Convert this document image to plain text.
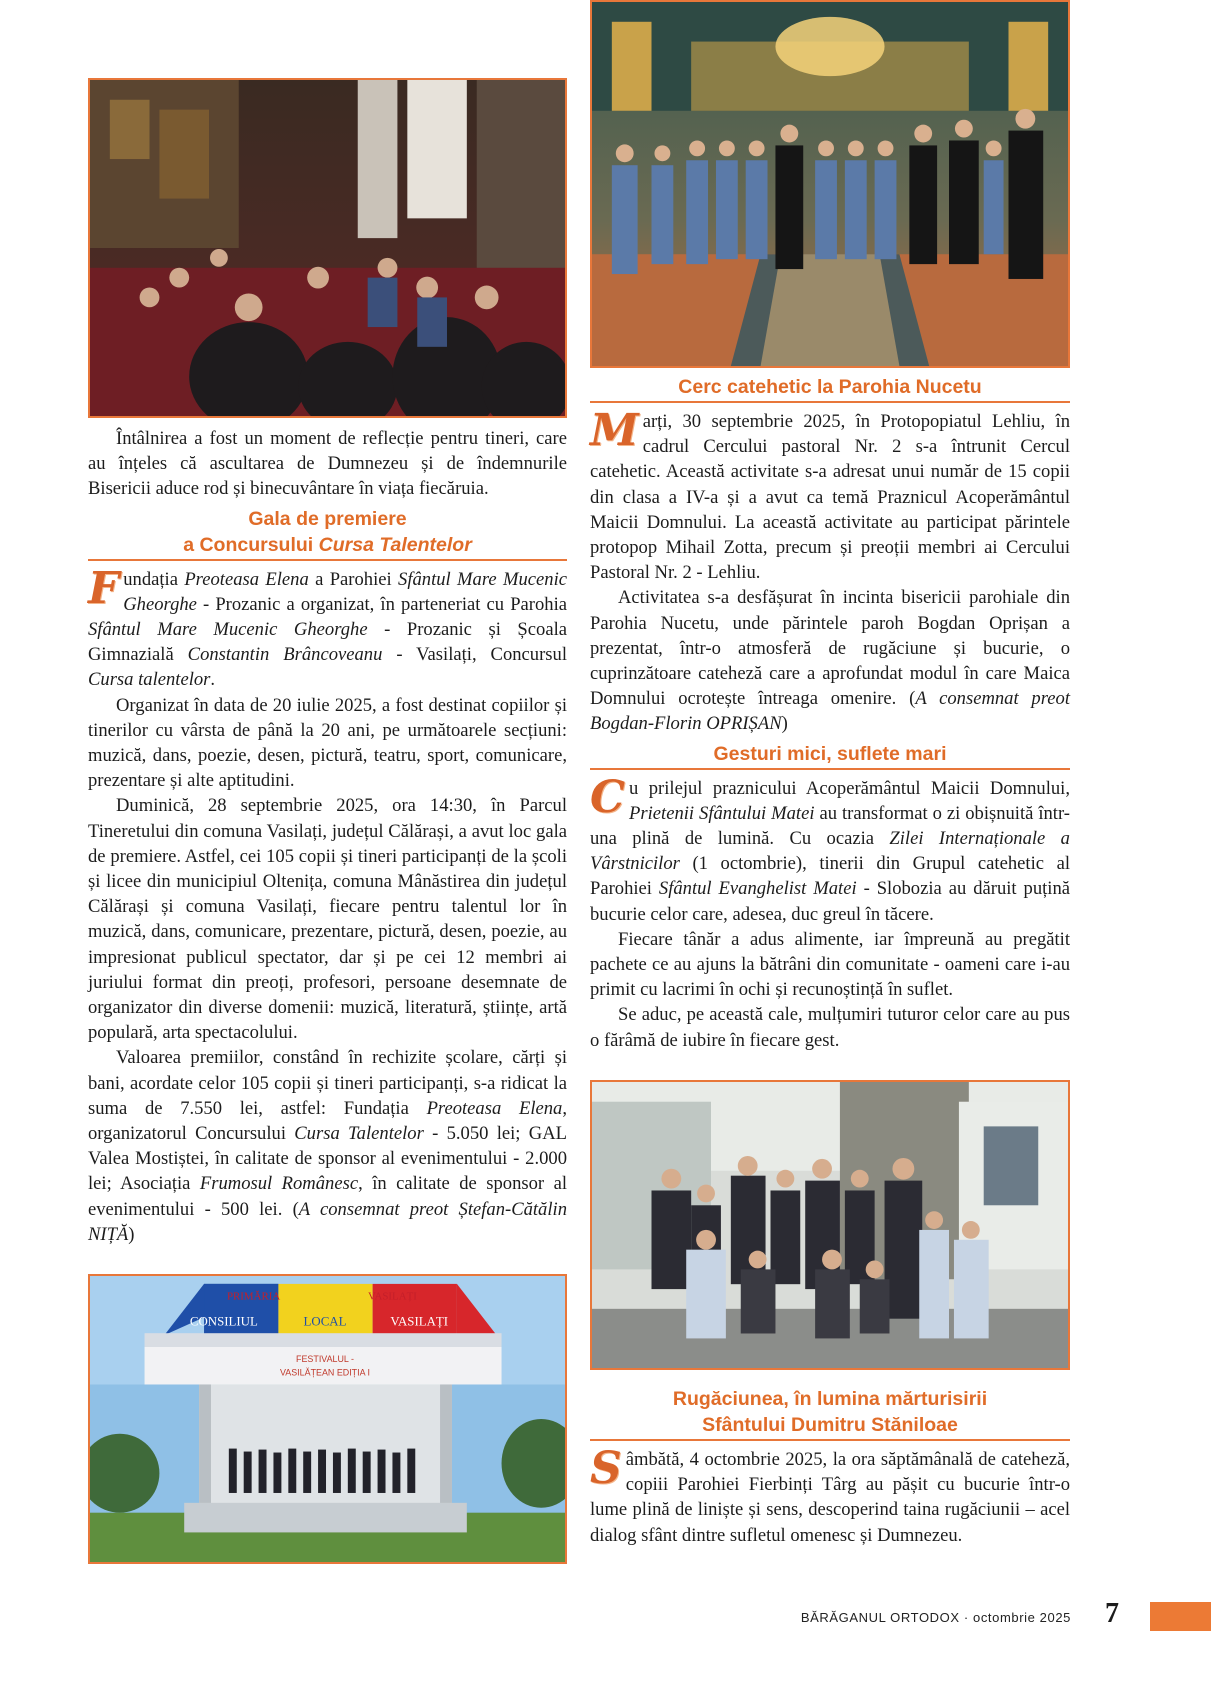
Întâlnirea a fost un moment de reflecție pentru tineri, care au înțeles că ascultarea de Dumnezeu și de îndemnurile Bisericii aduce rod și binecuvântare în viața fiecăruia.

Gala de premiere
a Concursului Cursa Talentelor

Fundația Preoteasa Elena a Parohiei Sfântul Mare Mucenic Gheorghe - Prozanic a organizat, în parteneriat cu Parohia Sfântul Mare Mucenic Gheorghe - Prozanic și Școala Gimnazială Constantin Brâncoveanu - Vasilați, Concursul Cursa talentelor.

Organizat în data de 20 iulie 2025, a fost destinat copiilor și tinerilor cu vârsta de până la 20 ani, pe următoarele secțiuni: muzică, dans, poezie, desen, pictură, teatru, sport, comunicare, prezentare și alte aptitudini.

Duminică, 28 septembrie 2025, ora 14:30, în Parcul Tineretului din comuna Vasilați, județul Călărași, a avut loc gala de premiere. Astfel, cei 105 copii și tineri participanți de la școli și licee din municipiul Oltenița, comuna Mânăstirea din județul Călărași și comuna Vasilați, fiecare pentru talentul lor în muzică, dans, comunicare, prezentare, pictură, desen, poezie, au impresionat publicul spectator, dar și pe cei 12 membri ai juriului format din preoți, profesori, persoane desemnate de organizator din diverse domenii: muzică, literatură, științe, artă populară, arta spectacolului.

Valoarea premiilor, constând în rechizite școlare, cărți și bani, acordate celor 105 copii și tineri participanți, s-a ridicat la suma de 7.550 lei, astfel: Fundația Preoteasa Elena, organizatorul Concursului Cursa Talentelor - 5.050 lei; GAL Valea Mostiștei, în calitate de sponsor al evenimentului - 2.000 lei; Asociația Frumosul Românesc, în calitate de sponsor al evenimentului - 500 lei. (A consemnat preot Ștefan-Cătălin NIȚĂ)

PRIMĂRIA	VASILAȚI
CONSILIUL	LOCAL	VASILAȚI
FESTIVALUL -
VASILĂȚEAN EDIȚIA I
Cerc catehetic la Parohia Nucetu

Marți, 30 septembrie 2025, în Protopopiatul Lehliu, în cadrul Cercului pastoral Nr. 2 s-a întrunit Cercul catehetic. Această activitate s-a adresat unui număr de 15 copii din clasa a IV-a și a avut ca temă Praznicul Acoperământul Maicii Domnului. La această activitate au participat părintele protopop Mihail Zotta, precum și preoții membri ai Cercului Pastoral Nr. 2 - Lehliu.

Activitatea s-a desfășurat în incinta bisericii parohiale din Parohia Nucetu, unde părintele paroh Bogdan Oprișan a prezentat, într-o atmosferă de rugăciune și bucurie, o cuprinzătoare cateheză care a aprofundat modul în care Maica Domnului ocrotește întreaga omenire. (A consemnat preot Bogdan-Florin OPRIȘAN)

Gesturi mici, suflete mari

Cu prilejul praznicului Acoperământul Maicii Domnului, Prietenii Sfântului Matei au transformat o zi obișnuită într-una plină de lumină. Cu ocazia Zilei Internaționale a Vârstnicilor (1 octombrie), tinerii din Grupul catehetic al Parohiei Sfântul Evanghelist Matei - Slobozia au dăruit puțină bucurie celor care, adesea, duc greul în tăcere.

Fiecare tânăr a adus alimente, iar împreună au pregătit pachete ce au ajuns la bătrâni din comunitate - oameni care i-au primit cu lacrimi în ochi și recunoștință în suflet.

Se aduc, pe această cale, mulțumiri tuturor celor care au pus o fărâmă de iubire în fiecare gest.

Rugăciunea, în lumina mărturisirii
Sfântului Dumitru Stăniloae

Sâmbătă, 4 octombrie 2025, la ora săptămânală de cateheză, copiii Parohiei Fierbinți Târg au pășit cu bucurie într-o lume plină de liniște și sens, descoperind taina rugăciunii – acel dialog sfânt dintre sufletul omenesc și Dumnezeu.

BĂRĂGANUL ORTODOX · octombrie 2025 7
